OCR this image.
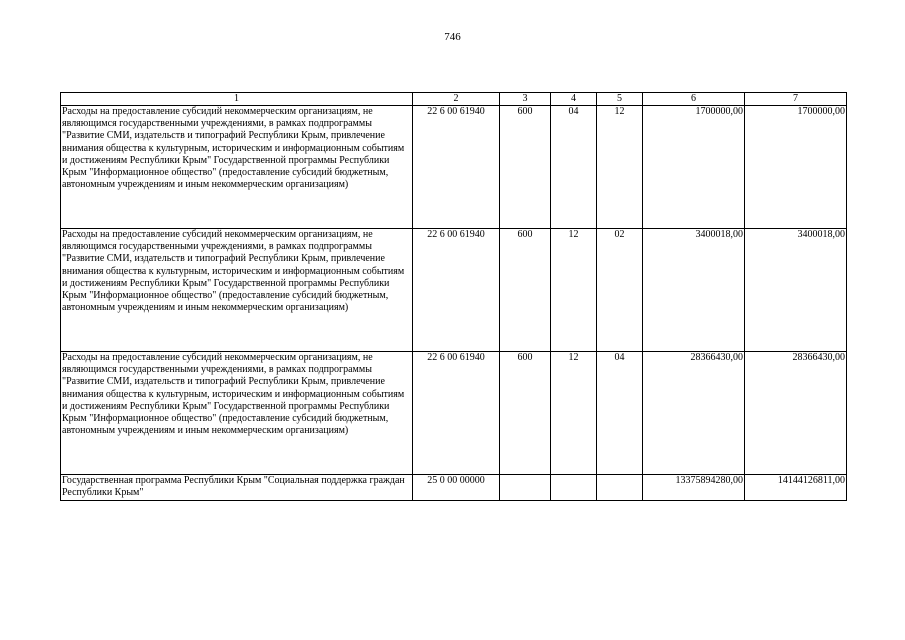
746
1	2	3	4	5	6	7
Расходы на предоставление субсидий некоммерческим организациям, не являющимся государственными учреждениями, в рамках подпрограммы "Развитие СМИ, издательств и типографий Республики Крым, привлечение внимания общества к культурным, историческим и информационным событиям и достижениям Республики Крым" Государственной программы Республики Крым "Информационное общество" (предоставление субсидий бюджетным, автономным учреждениям и иным некоммерческим организациям)	22 6 00 61940	600	04	12	1700000,00	1700000,00
Расходы на предоставление субсидий некоммерческим организациям, не являющимся государственными учреждениями, в рамках подпрограммы "Развитие СМИ, издательств и типографий Республики Крым, привлечение внимания общества к культурным, историческим и информационным событиям и достижениям Республики Крым" Государственной программы Республики Крым "Информационное общество" (предоставление субсидий бюджетным, автономным учреждениям и иным некоммерческим организациям)	22 6 00 61940	600	12	02	3400018,00	3400018,00
Расходы на предоставление субсидий некоммерческим организациям, не являющимся государственными учреждениями, в рамках подпрограммы "Развитие СМИ, издательств и типографий Республики Крым, привлечение внимания общества к культурным, историческим и информационным событиям и достижениям Республики Крым" Государственной программы Республики Крым "Информационное общество" (предоставление субсидий бюджетным, автономным учреждениям и иным некоммерческим организациям)	22 6 00 61940	600	12	04	28366430,00	28366430,00
Государственная программа Республики Крым "Социальная поддержка граждан Республики Крым"	25 0 00 00000				13375894280,00	14144126811,00
